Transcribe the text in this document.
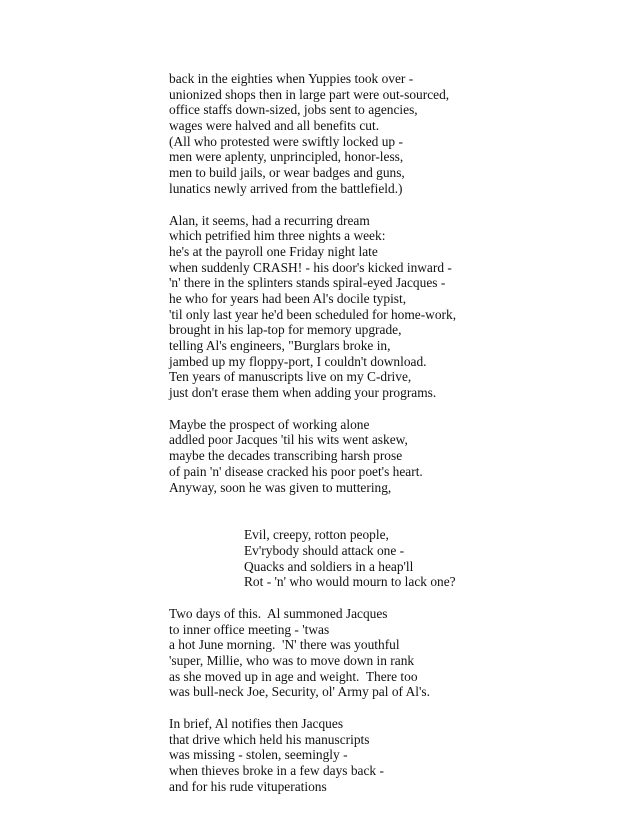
back in the eighties when Yuppies took over -
unionized shops then in large part were out-sourced,
office staffs down-sized, jobs sent to agencies,
wages were halved and all benefits cut.
(All who protested were swiftly locked up -
men were aplenty, unprincipled, honor-less,
men to build jails, or wear badges and guns,
lunatics newly arrived from the battlefield.)
Alan, it seems, had a recurring dream
which petrified him three nights a week:
he's at the payroll one Friday night late
when suddenly CRASH! - his door's kicked inward -
'n' there in the splinters stands spiral-eyed Jacques -
he who for years had been Al's docile typist,
'til only last year he'd been scheduled for home-work,
brought in his lap-top for memory upgrade,
telling Al's engineers, "Burglars broke in,
jambed up my floppy-port, I couldn't download.
Ten years of manuscripts live on my C-drive,
just don't erase them when adding your programs.
Maybe the prospect of working alone
addled poor Jacques 'til his wits went askew,
maybe the decades transcribing harsh prose
of pain 'n' disease cracked his poor poet's heart.
Anyway, soon he was given to muttering,
Evil, creepy, rotton people,
Ev'rybody should attack one -
Quacks and soldiers in a heap'll
Rot - 'n' who would mourn to lack one?
Two days of this.  Al summoned Jacques
to inner office meeting - 'twas
a hot June morning.  'N' there was youthful
'super, Millie, who was to move down in rank
as she moved up in age and weight.  There too
was bull-neck Joe, Security, ol' Army pal of Al's.
In brief, Al notifies then Jacques
that drive which held his manuscripts
was missing - stolen, seemingly -
when thieves broke in a few days back -
and for his rude vituperations
